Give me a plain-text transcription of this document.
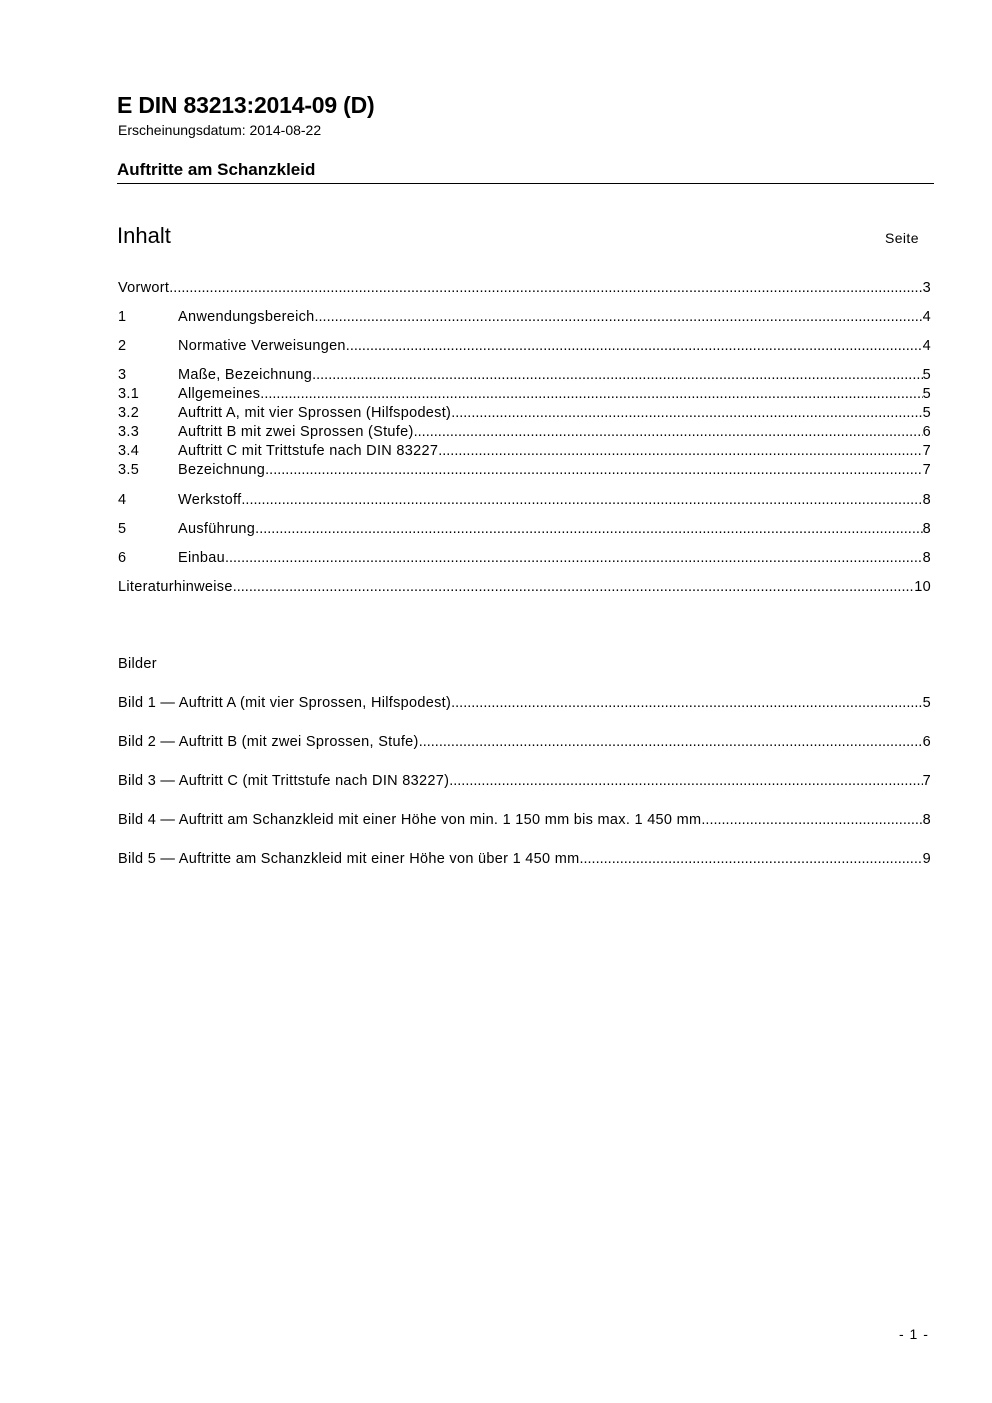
E DIN 83213:2014-09 (D)
Erscheinungsdatum: 2014-08-22
Auftritte am Schanzkleid
Inhalt	Seite
Vorwort .....	3
1	Anwendungsbereich .....	4
2	Normative Verweisungen .....	4
3	Maße, Bezeichnung .....	5
3.1	Allgemeines .....	5
3.2	Auftritt A, mit vier Sprossen (Hilfspodest) .....	5
3.3	Auftritt B mit zwei Sprossen (Stufe) .....	6
3.4	Auftritt C mit Trittstufe nach DIN 83227 .....	7
3.5	Bezeichnung .....	7
4	Werkstoff .....	8
5	Ausführung .....	8
6	Einbau .....	8
Literaturhinweise .....	10
Bilder
Bild 1 — Auftritt A (mit vier Sprossen, Hilfspodest) .....	5
Bild 2 — Auftritt B (mit zwei Sprossen, Stufe) .....	6
Bild 3 — Auftritt C (mit Trittstufe nach DIN 83227) .....	7
Bild 4 — Auftritt am Schanzkleid mit einer Höhe von min. 1 150 mm bis max. 1 450 mm .....	8
Bild 5 — Auftritte am Schanzkleid mit einer Höhe von über 1 450 mm .....	9
- 1 -
